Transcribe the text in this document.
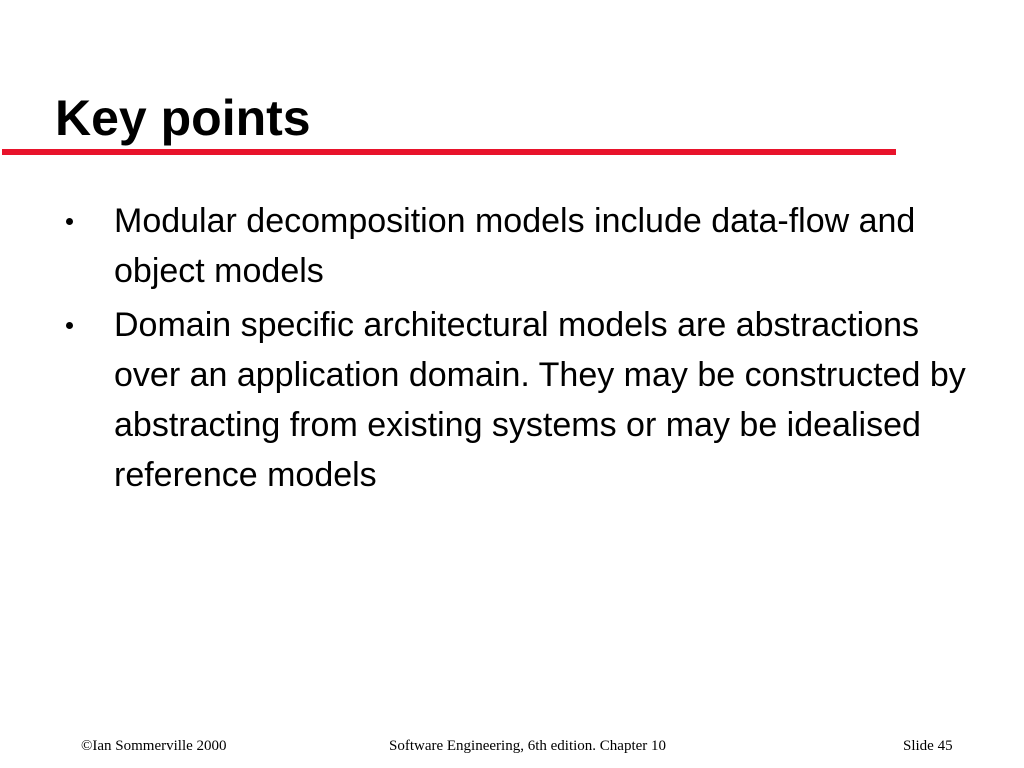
Key points
Modular decomposition models include data-flow and object models
Domain specific architectural models are abstractions over an application domain. They may be constructed by abstracting from existing systems or may be idealised reference models
©Ian Sommerville 2000	Software Engineering, 6th edition. Chapter 10	Slide 45
